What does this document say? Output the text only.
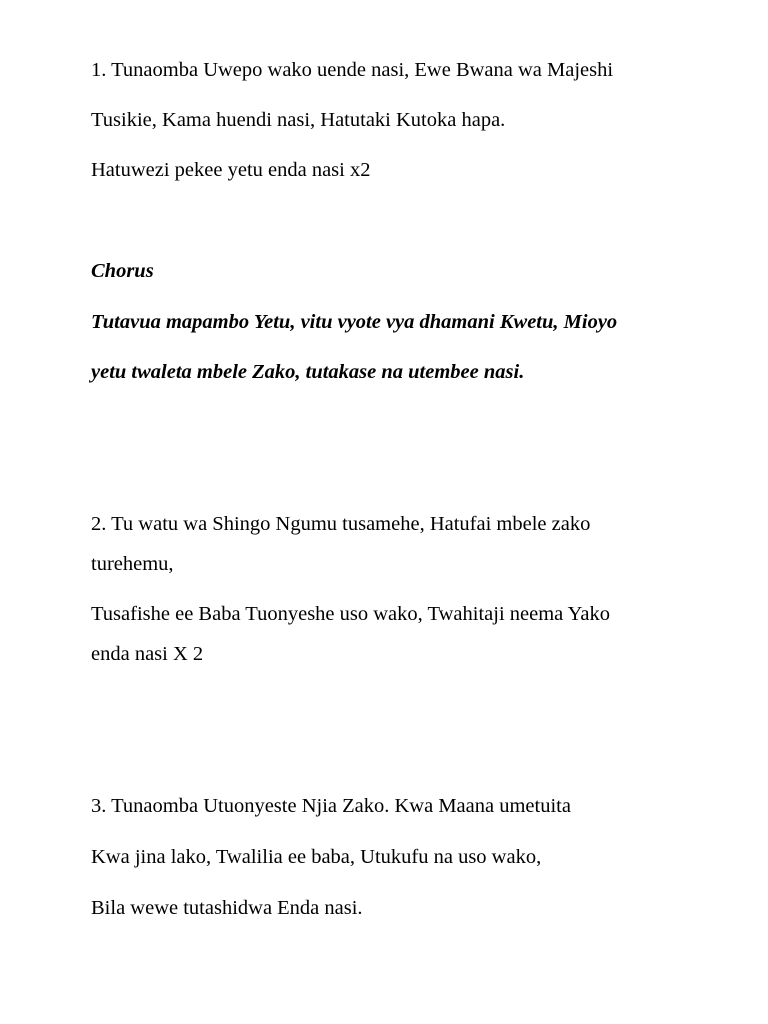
1. Tunaomba Uwepo wako uende nasi, Ewe Bwana wa Majeshi
Tusikie, Kama huendi nasi, Hatutaki Kutoka hapa.
Hatuwezi pekee yetu enda nasi x2
Chorus
Tutavua mapambo Yetu, vitu vyote vya dhamani Kwetu, Mioyo
yetu twaleta mbele Zako, tutakase na utembee nasi.
2. Tu watu wa Shingo Ngumu tusamehe, Hatufai mbele zako
turehemu,
Tusafishe ee Baba Tuonyeshe uso wako, Twahitaji neema Yako
enda nasi X 2
3. Tunaomba Utuonyeste Njia Zako. Kwa Maana umetuita
Kwa jina lako, Twalilia ee baba, Utukufu na uso wako,
Bila wewe tutashidwa Enda nasi.
